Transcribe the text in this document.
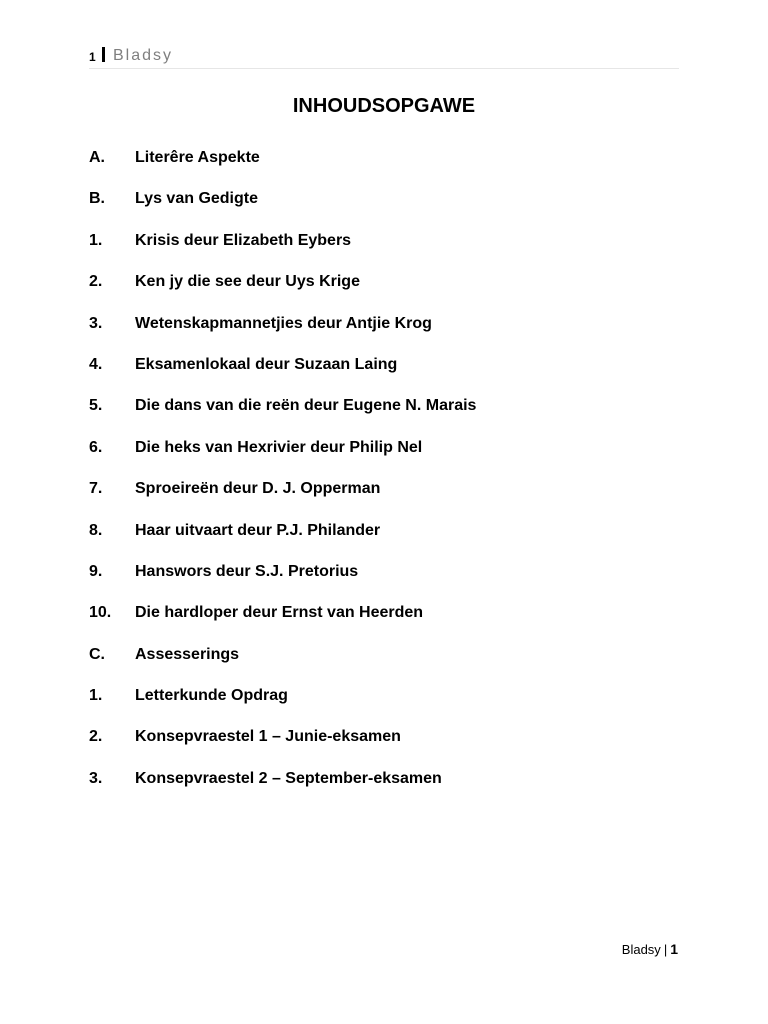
1 Bladsy
INHOUDSOPGAWE
A. Literêre Aspekte
B. Lys van Gedigte
1. Krisis deur Elizabeth Eybers
2. Ken jy die see deur Uys Krige
3. Wetenskapmannetjies deur Antjie Krog
4. Eksamenlokaal deur Suzaan Laing
5. Die dans van die reën deur Eugene N. Marais
6. Die heks van Hexrivier deur Philip Nel
7. Sproeireën deur D. J. Opperman
8. Haar uitvaart deur P.J. Philander
9. Hanswors deur S.J. Pretorius
10. Die hardloper deur Ernst van Heerden
C. Assesserings
1. Letterkunde Opdrag
2. Konsepvraestel 1 – Junie-eksamen
3. Konsepvraestel 2 – September-eksamen
Bladsy | 1
